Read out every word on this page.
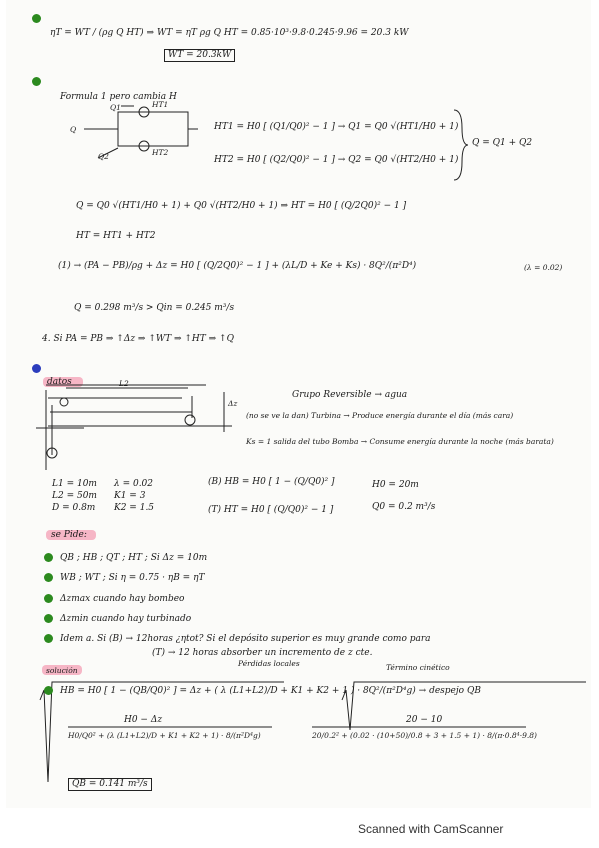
ηT = WT / (ρg Q HT) ⇒ WT = ηT ρg Q HT = 0.85·10³·9.8·0.245·9.96 = 20.3 kW
WT = 20.3kW
Formula 1 pero cambia H
Q
Q2
Q1	HT1
HT2
HT1 = H0 [ (Q1/Q0)² − 1 ] → Q1 = Q0 √(HT1/H0 + 1)
HT2 = H0 [ (Q2/Q0)² − 1 ] → Q2 = Q0 √(HT2/H0 + 1)
Q = Q1 + Q2
Q = Q0 √(HT1/H0 + 1) + Q0 √(HT2/H0 + 1) ⇒ HT = H0 [ (Q/2Q0)² − 1 ]
HT = HT1 + HT2
(1) → (PA − PB)/ρg + Δz = H0 [ (Q/2Q0)² − 1 ] + (λL/D + Ke + Ks) · 8Q²/(π²D⁴)	(λ = 0.02)
Q = 0.298 m³/s > Qin = 0.245 m³/s
4. Si PA = PB ⇒ ↑Δz ⇒ ↑WT ⇒ ↑HT ⇒ ↑Q
datos	L2
Δz
Grupo Reversible → agua
(no se ve la dan) Turbina → Produce energía durante el día (más cara)
Ks = 1 salida del tubo Bomba → Consume energía durante la noche (más barata)
L1 = 10m
L2 = 50m
D = 0.8m
λ = 0.02
K1 = 3
K2 = 1.5
(B) HB = H0 [ 1 − (Q/Q0)² ]
(T) HT = H0 [ (Q/Q0)² − 1 ]
H0 = 20m
Q0 = 0.2 m³/s
se Pide:
QB ; HB ; QT ; HT ; Si Δz = 10m
WB ; WT ; Si η = 0.75 · ηB = ηT
Δzmax cuando hay bombeo
Δzmin cuando hay turbinado
Idem a. Si (B) → 12horas ¿ηtot? Si el depósito superior es muy grande como para
(T) → 12 horas absorber un incremento de z cte.
solución
Pérdidas locales	Término cinético
HB = H0 [ 1 − (QB/Q0)² ] = Δz + ( λ (L1+L2)/D + K1 + K2 + 1 ) · 8Q²/(π²D⁴g) → despejo QB
H0 − Δz
H0/Q0² + (λ (L1+L2)/D + K1 + K2 + 1) · 8/(π²D⁴g)
20 − 10
20/0.2² + (0.02 · (10+50)/0.8 + 3 + 1.5 + 1) · 8/(π·0.8⁴·9.8)
QB = 0.141 m³/s
Scanned with CamScanner
